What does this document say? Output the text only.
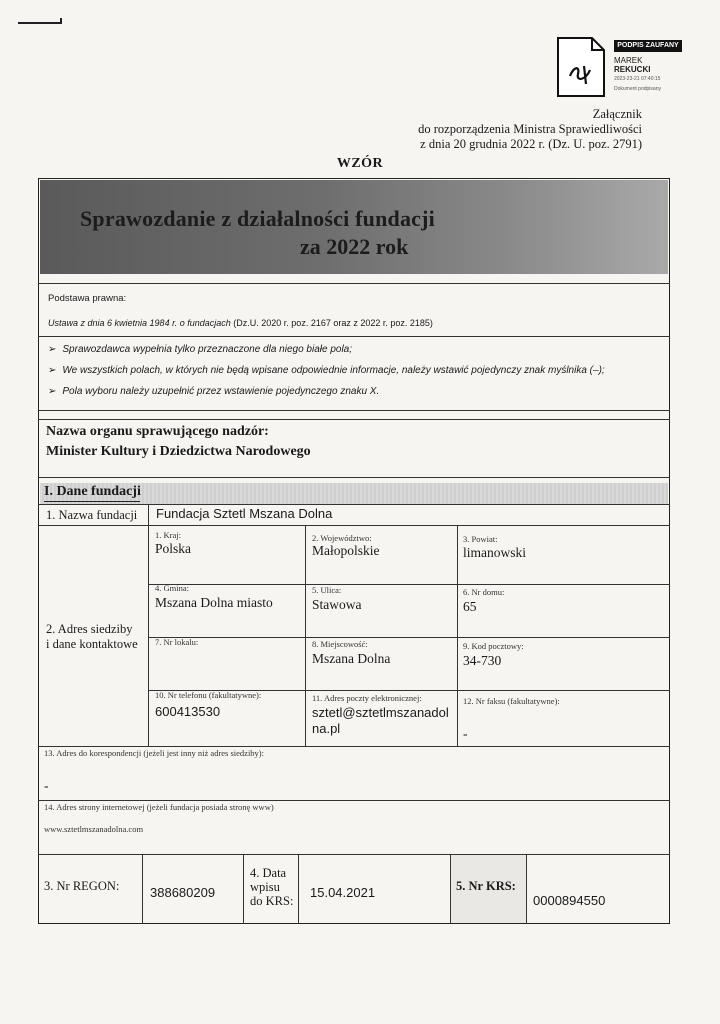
PODPIS ZAUFANY
MAREK
REKUCKI
2023-23-21 07:40:15
Dokument podpisany
Załącznik
do rozporządzenia Ministra Sprawiedliwości
z dnia 20 grudnia 2022 r. (Dz. U. poz. 2791)
WZÓR
Sprawozdanie z działalności fundacji
za 2022 rok
Podstawa prawna:
Ustawa z dnia 6 kwietnia 1984 r. o fundacjach (Dz.U. 2020 r. poz. 2167 oraz z 2022 r. poz. 2185)
➢ Sprawozdawca wypełnia tylko przeznaczone dla niego białe pola;
➢ We wszystkich polach, w których nie będą wpisane odpowiednie informacje, należy wstawić pojedynczy znak myślnika (–);
➢ Pola wyboru należy uzupełnić przez wstawienie pojedynczego znaku X.
Nazwa organu sprawującego nadzór:
Minister Kultury i Dziedzictwa Narodowego
I. Dane fundacji
1. Nazwa fundacji Fundacja Sztetl Mszana Dolna
2. Adres siedziby
i dane kontaktowe
1. Kraj:
Polska
2. Województwo:
Małopolskie
3. Powiat:
limanowski
4. Gmina:
Mszana Dolna miasto
5. Ulica:
Stawowa
6. Nr domu:
65
7. Nr lokalu:	8. Miejscowość:
Mszana Dolna
9. Kod pocztowy:
34-730
10. Nr telefonu (fakultatywne):
600413530
11. Adres poczty elektronicznej:
sztetl@sztetlmszanadol
na.pl
12. Nr faksu (fakultatywne):
-
13. Adres do korespondencji (jeżeli jest inny niż adres siedziby):
-
14. Adres strony internetowej (jeżeli fundacja posiada stronę www)
www.sztetlmszanadolna.com
3. Nr REGON: 388680209
4. Data
wpisu
do KRS:
15.04.2021	5. Nr KRS:
0000894550
